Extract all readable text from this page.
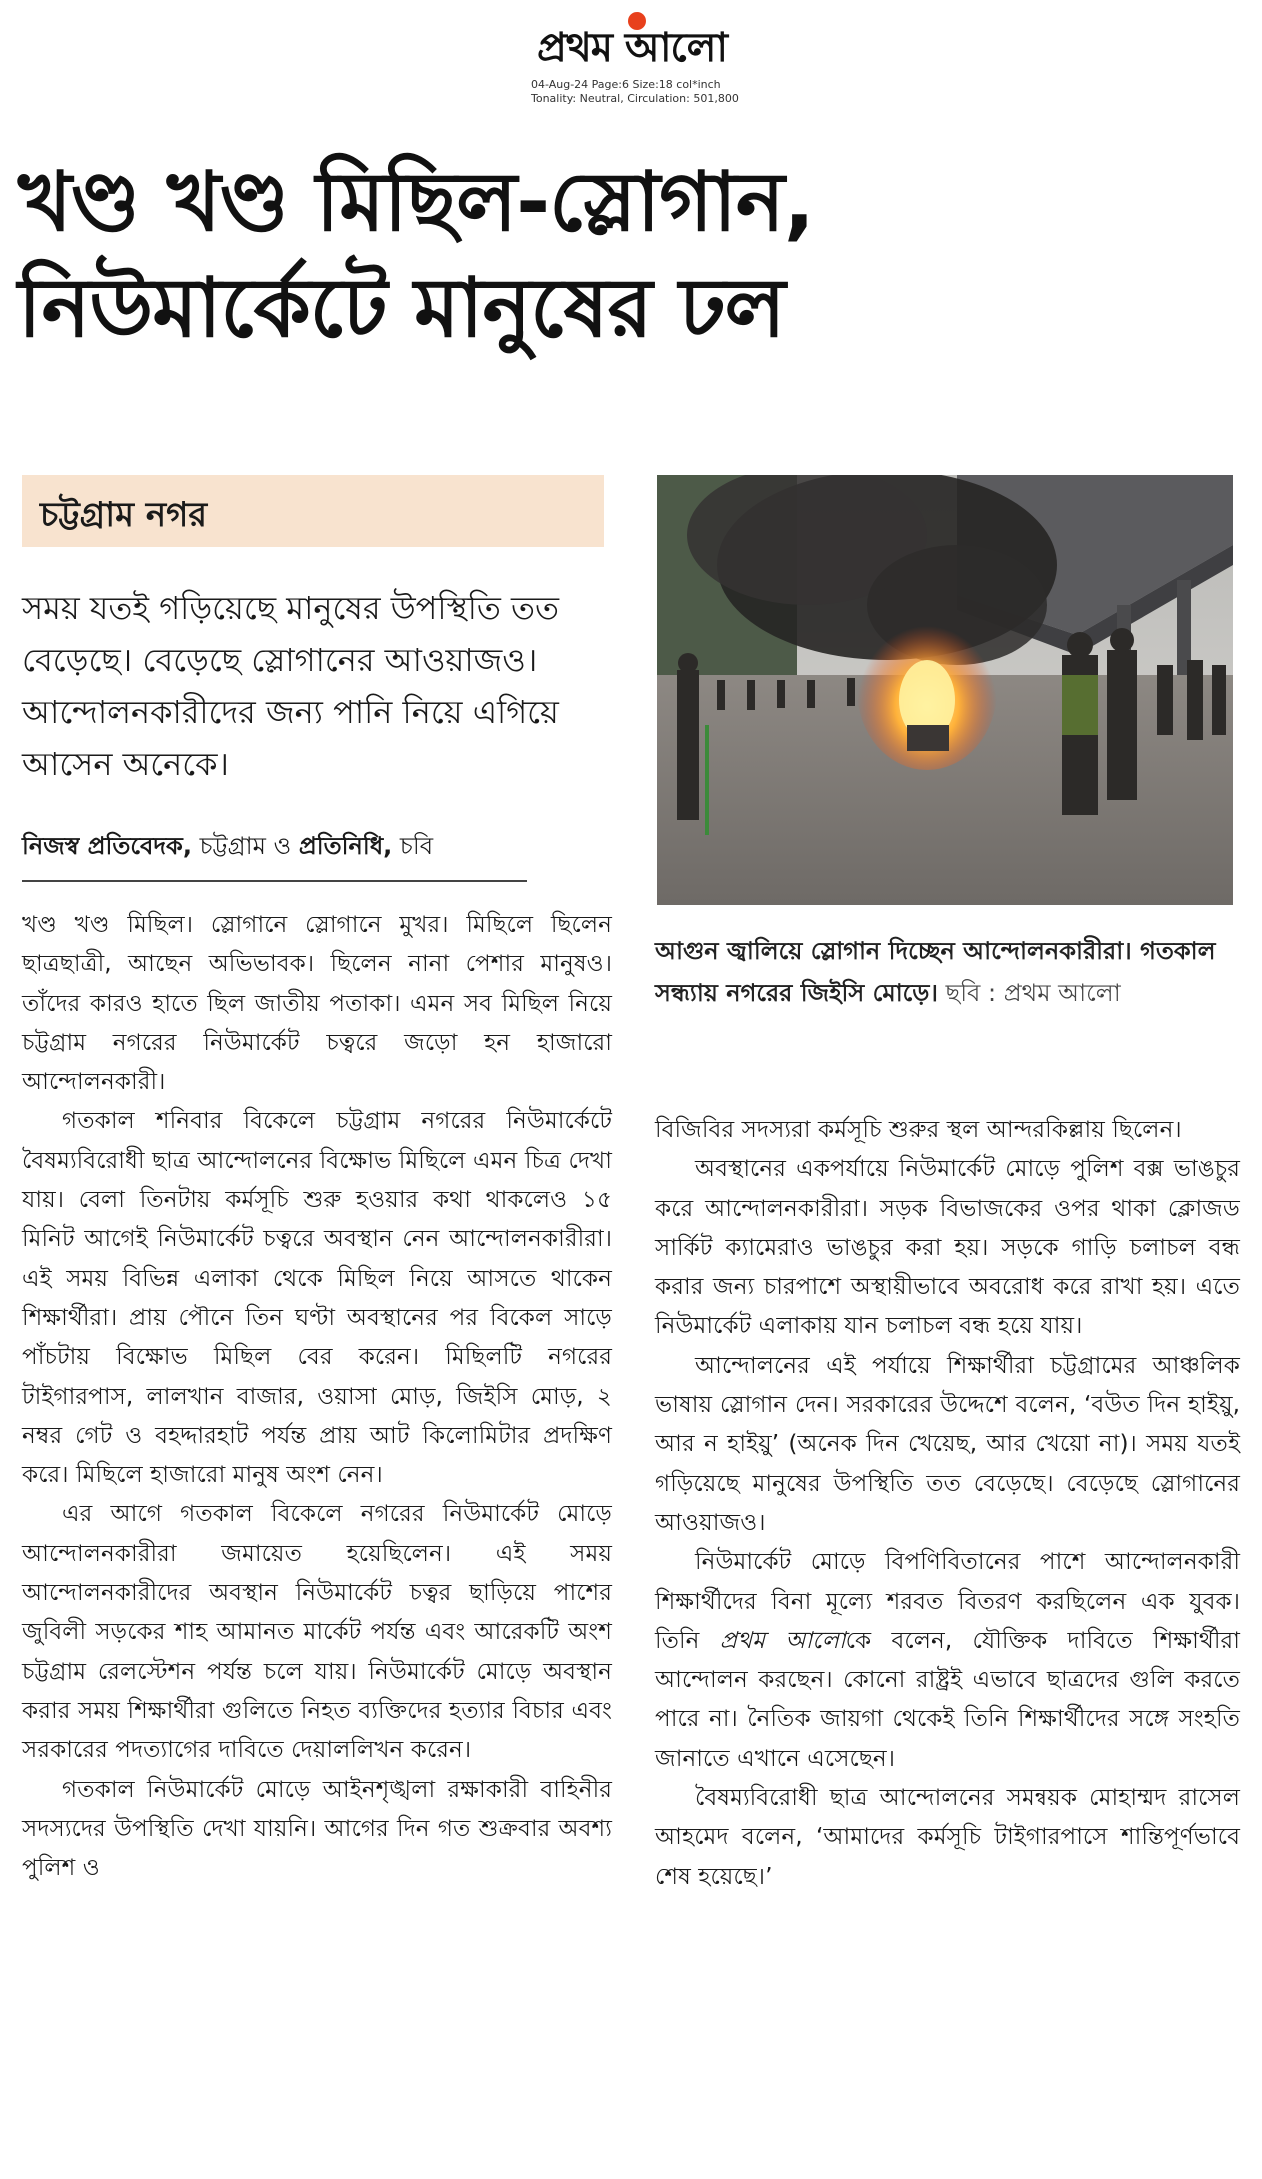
প্রথম আলো
04-Aug-24 Page:6 Size:18 col*inch
Tonality: Neutral, Circulation: 501,800
খণ্ড খণ্ড মিছিল-স্লোগান,
নিউমার্কেটে মানুষের ঢল
চট্টগ্রাম নগর
সময় যতই গড়িয়েছে মানুষের উপস্থিতি তত বেড়েছে। বেড়েছে স্লোগানের আওয়াজও। আন্দোলনকারীদের জন্য পানি নিয়ে এগিয়ে আসেন অনেকে।
নিজস্ব প্রতিবেদক, চট্টগ্রাম ও প্রতিনিধি, চবি
আগুন জ্বালিয়ে স্লোগান দিচ্ছেন আন্দোলনকারীরা। গতকাল সন্ধ্যায় নগরের জিইসি মোড়ে। ছবি : প্রথম আলো

খণ্ড খণ্ড মিছিল। স্লোগানে স্লোগানে মুখর। মিছিলে ছিলেন ছাত্রছাত্রী, আছেন অভিভাবক। ছিলেন নানা পেশার মানুষও। তাঁদের কারও হাতে ছিল জাতীয় পতাকা। এমন সব মিছিল নিয়ে চট্টগ্রাম নগরের নিউমার্কেট চত্বরে জড়ো হন হাজারো আন্দোলনকারী।

গতকাল শনিবার বিকেলে চট্টগ্রাম নগরের নিউমার্কেটে বৈষম্যবিরোধী ছাত্র আন্দোলনের বিক্ষোভ মিছিলে এমন চিত্র দেখা যায়। বেলা তিনটায় কর্মসূচি শুরু হওয়ার কথা থাকলেও ১৫ মিনিট আগেই নিউমার্কেট চত্বরে অবস্থান নেন আন্দোলনকারীরা। এই সময় বিভিন্ন এলাকা থেকে মিছিল নিয়ে আসতে থাকেন শিক্ষার্থীরা। প্রায় পৌনে তিন ঘণ্টা অবস্থানের পর বিকেল সাড়ে পাঁচটায় বিক্ষোভ মিছিল বের করেন। মিছিলটি নগরের টাইগারপাস, লালখান বাজার, ওয়াসা মোড়, জিইসি মোড়, ২ নম্বর গেট ও বহদ্দারহাট পর্যন্ত প্রায় আট কিলোমিটার প্রদক্ষিণ করে। মিছিলে হাজারো মানুষ অংশ নেন।

এর আগে গতকাল বিকেলে নগরের নিউমার্কেট মোড়ে আন্দোলনকারীরা জমায়েত হয়েছিলেন। এই সময় আন্দোলনকারীদের অবস্থান নিউমার্কেট চত্বর ছাড়িয়ে পাশের জুবিলী সড়কের শাহ আমানত মার্কেট পর্যন্ত এবং আরেকটি অংশ চট্টগ্রাম রেলস্টেশন পর্যন্ত চলে যায়। নিউমার্কেট মোড়ে অবস্থান করার সময় শিক্ষার্থীরা গুলিতে নিহত ব্যক্তিদের হত্যার বিচার এবং সরকারের পদত্যাগের দাবিতে দেয়াললিখন করেন।

গতকাল নিউমার্কেট মোড়ে আইনশৃঙ্খলা রক্ষাকারী বাহিনীর সদস্যদের উপস্থিতি দেখা যায়নি। আগের দিন গত শুক্রবার অবশ্য পুলিশ ও

বিজিবির সদস্যরা কর্মসূচি শুরুর স্থল আন্দরকিল্লায় ছিলেন।

অবস্থানের একপর্যায়ে নিউমার্কেট মোড়ে পুলিশ বক্স ভাঙচুর করে আন্দোলনকারীরা। সড়ক বিভাজকের ওপর থাকা ক্লোজড সার্কিট ক্যামেরাও ভাঙচুর করা হয়। সড়কে গাড়ি চলাচল বন্ধ করার জন্য চারপাশে অস্থায়ীভাবে অবরোধ করে রাখা হয়। এতে নিউমার্কেট এলাকায় যান চলাচল বন্ধ হয়ে যায়।

আন্দোলনের এই পর্যায়ে শিক্ষার্থীরা চট্টগ্রামের আঞ্চলিক ভাষায় স্লোগান দেন। সরকারের উদ্দেশে বলেন, ‘বউত দিন হাইয়ু, আর ন হাইয়ু’ (অনেক দিন খেয়েছ, আর খেয়ো না)। সময় যতই গড়িয়েছে মানুষের উপস্থিতি তত বেড়েছে। বেড়েছে স্লোগানের আওয়াজও।

নিউমার্কেট মোড়ে বিপণিবিতানের পাশে আন্দোলনকারী শিক্ষার্থীদের বিনা মূল্যে শরবত বিতরণ করছিলেন এক যুবক। তিনি প্রথম আলোকে বলেন, যৌক্তিক দাবিতে শিক্ষার্থীরা আন্দোলন করছেন। কোনো রাষ্ট্রই এভাবে ছাত্রদের গুলি করতে পারে না। নৈতিক জায়গা থেকেই তিনি শিক্ষার্থীদের সঙ্গে সংহতি জানাতে এখানে এসেছেন।

বৈষম্যবিরোধী ছাত্র আন্দোলনের সমন্বয়ক মোহাম্মদ রাসেল আহমেদ বলেন, ‘আমাদের কর্মসূচি টাইগারপাসে শান্তিপূর্ণভাবে শেষ হয়েছে।’
